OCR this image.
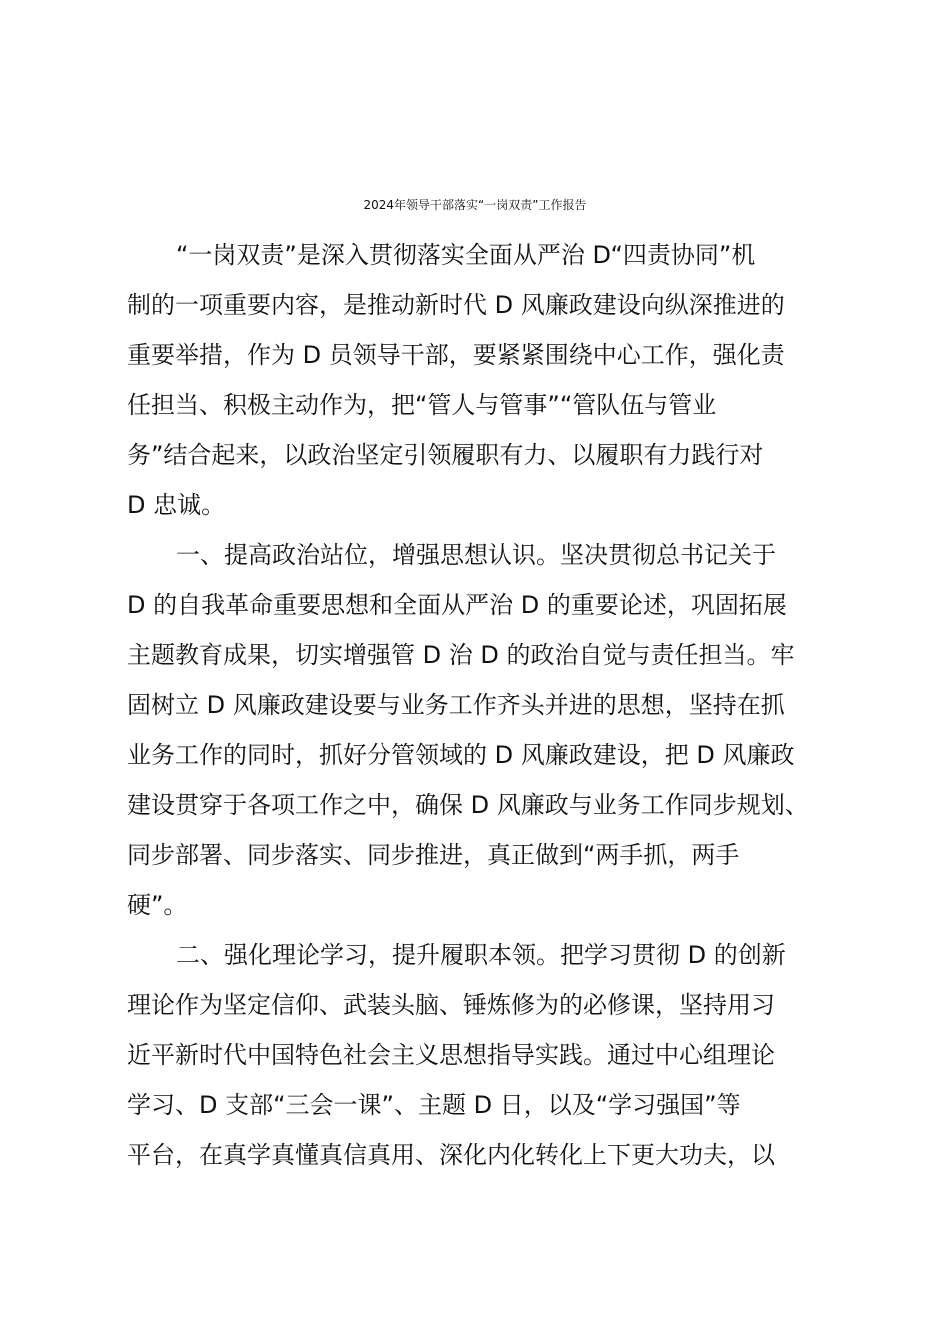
2024年领导干部落实“一岗双责”工作报告
“一岗双责”是深入贯彻落实全面从严治 D“四责协同”机
制的一项重要内容，是推动新时代 D 风廉政建设向纵深推进的
重要举措，作为 D 员领导干部，要紧紧围绕中心工作，强化责
任担当、积极主动作为，把“管人与管事”“管队伍与管业
务”结合起来，以政治坚定引领履职有力、以履职有力践行对
D 忠诚。
一、提高政治站位，增强思想认识。坚决贯彻总书记关于
D 的自我革命重要思想和全面从严治 D 的重要论述，巩固拓展
主题教育成果，切实增强管 D 治 D 的政治自觉与责任担当。牢
固树立 D 风廉政建设要与业务工作齐头并进的思想，坚持在抓
业务工作的同时，抓好分管领域的 D 风廉政建设，把 D 风廉政
建设贯穿于各项工作之中，确保 D 风廉政与业务工作同步规划、
同步部署、同步落实、同步推进，真正做到“两手抓，两手
硬”。
二、强化理论学习，提升履职本领。把学习贯彻 D 的创新
理论作为坚定信仰、武装头脑、锤炼修为的必修课，坚持用习
近平新时代中国特色社会主义思想指导实践。通过中心组理论
学习、D 支部“三会一课”、主题 D 日，以及“学习强国”等
平台，在真学真懂真信真用、深化内化转化上下更大功夫，以
